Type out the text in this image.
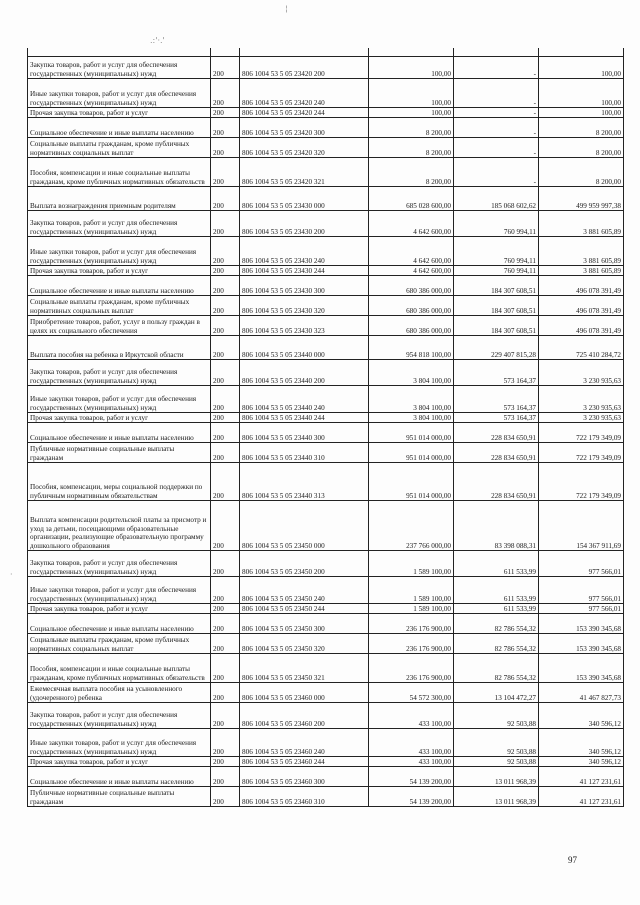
¦
.:'·.'
·

Закупка товаров, работ и услуг для обеспечения государственных (муниципальных) нужд	200	806 1004 53 5 05 23420 200	100,00	-	100,00
Иные закупки товаров, работ и услуг для обеспечения государственных (муниципальных) нужд	200	806 1004 53 5 05 23420 240	100,00	-	100,00
Прочая закупка товаров, работ и услуг	200	806 1004 53 5 05 23420 244	100,00	-	100,00
Социальное обеспечение и иные выплаты населению	200	806 1004 53 5 05 23420 300	8 200,00	-	8 200,00
Социальные выплаты гражданам, кроме публичных нормативных социальных выплат	200	806 1004 53 5 05 23420 320	8 200,00	-	8 200,00
Пособия, компенсации и иные социальные выплаты гражданам, кроме публичных нормативных обязательств	200	806 1004 53 5 05 23420 321	8 200,00	-	8 200,00
Выплата вознаграждения приемным родителям	200	806 1004 53 5 05 23430 000	685 028 600,00	185 068 602,62	499 959 997,38
Закупка товаров, работ и услуг для обеспечения государственных (муниципальных) нужд	200	806 1004 53 5 05 23430 200	4 642 600,00	760 994,11	3 881 605,89
Иные закупки товаров, работ и услуг для обеспечения государственных (муниципальных) нужд	200	806 1004 53 5 05 23430 240	4 642 600,00	760 994,11	3 881 605,89
Прочая закупка товаров, работ и услуг	200	806 1004 53 5 05 23430 244	4 642 600,00	760 994,11	3 881 605,89
Социальное обеспечение и иные выплаты населению	200	806 1004 53 5 05 23430 300	680 386 000,00	184 307 608,51	496 078 391,49
Социальные выплаты гражданам, кроме публичных нормативных социальных выплат	200	806 1004 53 5 05 23430 320	680 386 000,00	184 307 608,51	496 078 391,49
Приобретение товаров, работ, услуг в пользу граждан в целях их социального обеспечения	200	806 1004 53 5 05 23430 323	680 386 000,00	184 307 608,51	496 078 391,49
Выплата пособия на ребенка в Иркутской области	200	806 1004 53 5 05 23440 000	954 818 100,00	229 407 815,28	725 410 284,72
Закупка товаров, работ и услуг для обеспечения государственных (муниципальных) нужд	200	806 1004 53 5 05 23440 200	3 804 100,00	573 164,37	3 230 935,63
Иные закупки товаров, работ и услуг для обеспечения государственных (муниципальных) нужд	200	806 1004 53 5 05 23440 240	3 804 100,00	573 164,37	3 230 935,63
Прочая закупка товаров, работ и услуг	200	806 1004 53 5 05 23440 244	3 804 100,00	573 164,37	3 230 935,63
Социальное обеспечение и иные выплаты населению	200	806 1004 53 5 05 23440 300	951 014 000,00	228 834 650,91	722 179 349,09
Публичные нормативные социальные выплаты гражданам	200	806 1004 53 5 05 23440 310	951 014 000,00	228 834 650,91	722 179 349,09
Пособия, компенсации, меры социальной поддержки по публичным нормативным обязательствам	200	806 1004 53 5 05 23440 313	951 014 000,00	228 834 650,91	722 179 349,09
Выплата компенсации родительской платы за присмотр и уход за детьми, посещающими образовательные организации, реализующие образовательную программу дошкольного образования	200	806 1004 53 5 05 23450 000	237 766 000,00	83 398 088,31	154 367 911,69
Закупка товаров, работ и услуг для обеспечения государственных (муниципальных) нужд	200	806 1004 53 5 05 23450 200	1 589 100,00	611 533,99	977 566,01
Иные закупки товаров, работ и услуг для обеспечения государственных (муниципальных) нужд	200	806 1004 53 5 05 23450 240	1 589 100,00	611 533,99	977 566,01
Прочая закупка товаров, работ и услуг	200	806 1004 53 5 05 23450 244	1 589 100,00	611 533,99	977 566,01
Социальное обеспечение и иные выплаты населению	200	806 1004 53 5 05 23450 300	236 176 900,00	82 786 554,32	153 390 345,68
Социальные выплаты гражданам, кроме публичных нормативных социальных выплат	200	806 1004 53 5 05 23450 320	236 176 900,00	82 786 554,32	153 390 345,68
Пособия, компенсации и иные социальные выплаты гражданам, кроме публичных нормативных обязательств	200	806 1004 53 5 05 23450 321	236 176 900,00	82 786 554,32	153 390 345,68
Ежемесячная выплата пособия на усыновленного (удочеренного) ребенка	200	806 1004 53 5 05 23460 000	54 572 300,00	13 104 472,27	41 467 827,73
Закупка товаров, работ и услуг для обеспечения государственных (муниципальных) нужд	200	806 1004 53 5 05 23460 200	433 100,00	92 503,88	340 596,12
Иные закупки товаров, работ и услуг для обеспечения государственных (муниципальных) нужд	200	806 1004 53 5 05 23460 240	433 100,00	92 503,88	340 596,12
Прочая закупка товаров, работ и услуг	200	806 1004 53 5 05 23460 244	433 100,00	92 503,88	340 596,12
Социальное обеспечение и иные выплаты населению	200	806 1004 53 5 05 23460 300	54 139 200,00	13 011 968,39	41 127 231,61
Публичные нормативные социальные выплаты гражданам	200	806 1004 53 5 05 23460 310	54 139 200,00	13 011 968,39	41 127 231,61
97
